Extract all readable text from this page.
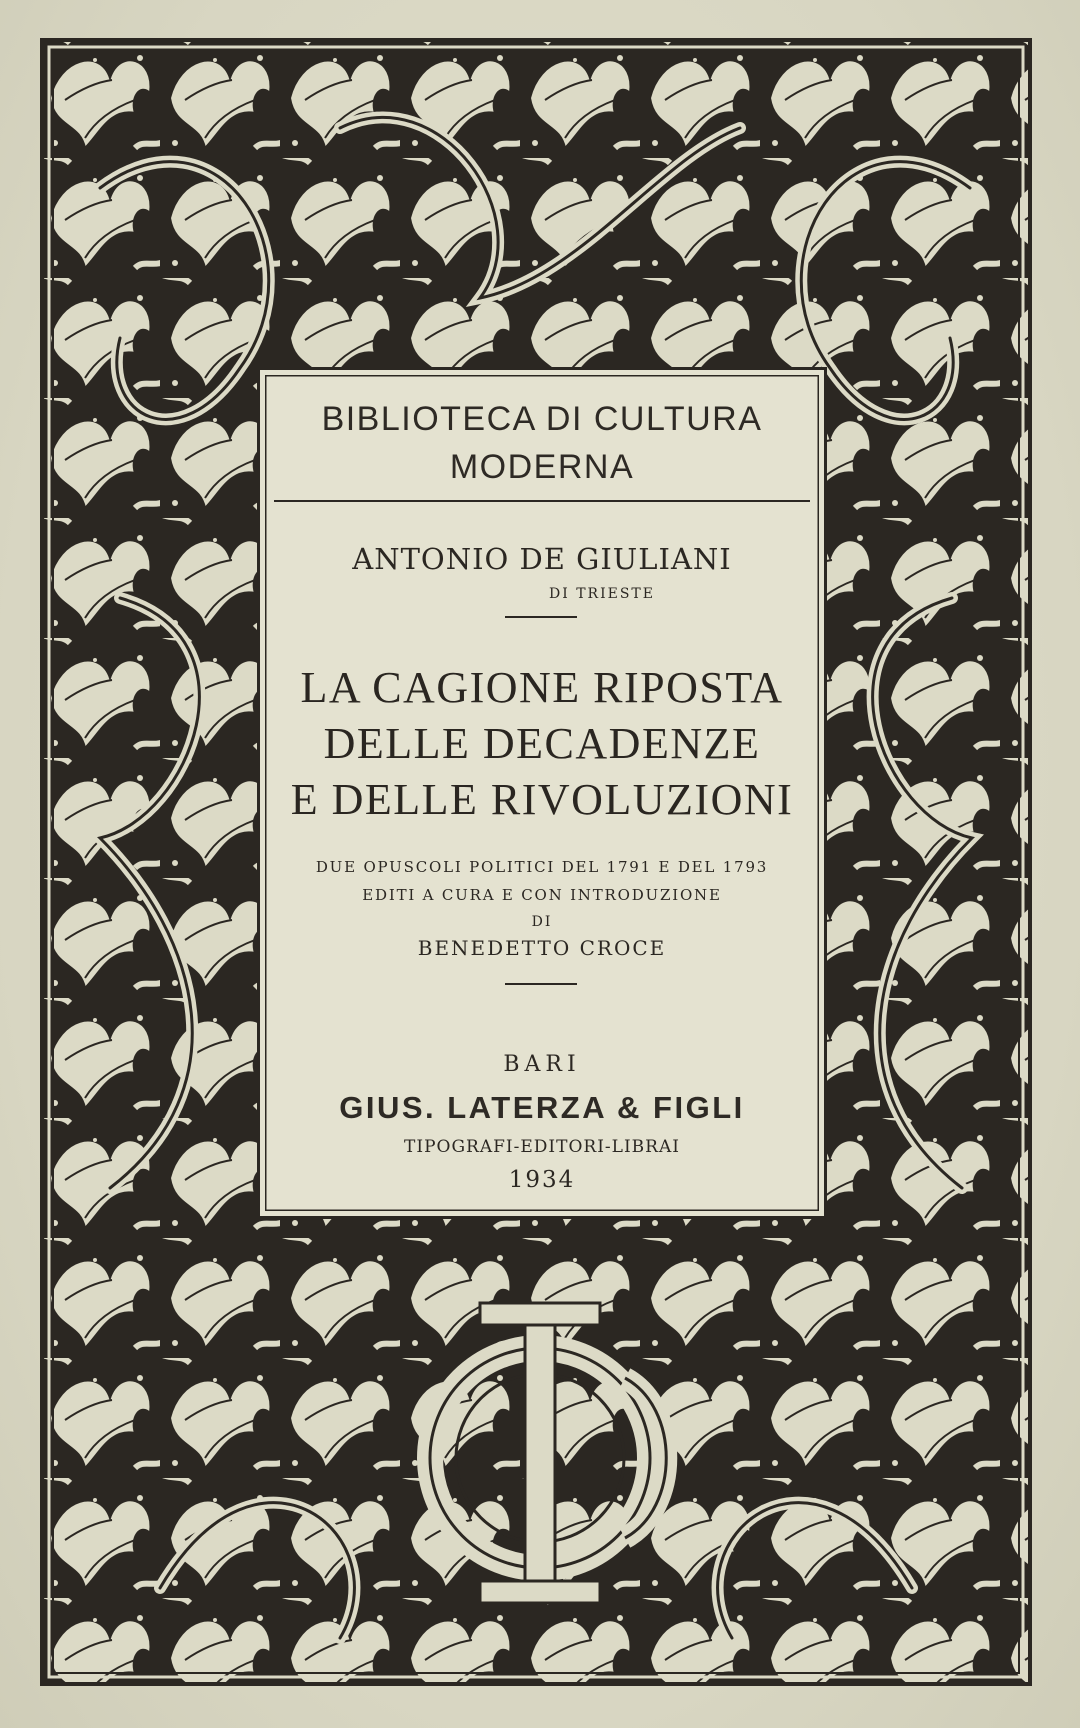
BIBLIOTECA DI CULTURA
MODERNA
ANTONIO DE GIULIANI
DI TRIESTE
LA CAGIONE RIPOSTA
DELLE DECADENZE
E DELLE RIVOLUZIONI
DUE OPUSCOLI POLITICI DEL 1791 E DEL 1793
EDITI A CURA E CON INTRODUZIONE
DI
BENEDETTO CROCE
BARI
GIUS. LATERZA & FIGLI
TIPOGRAFI-EDITORI-LIBRAI
1934
